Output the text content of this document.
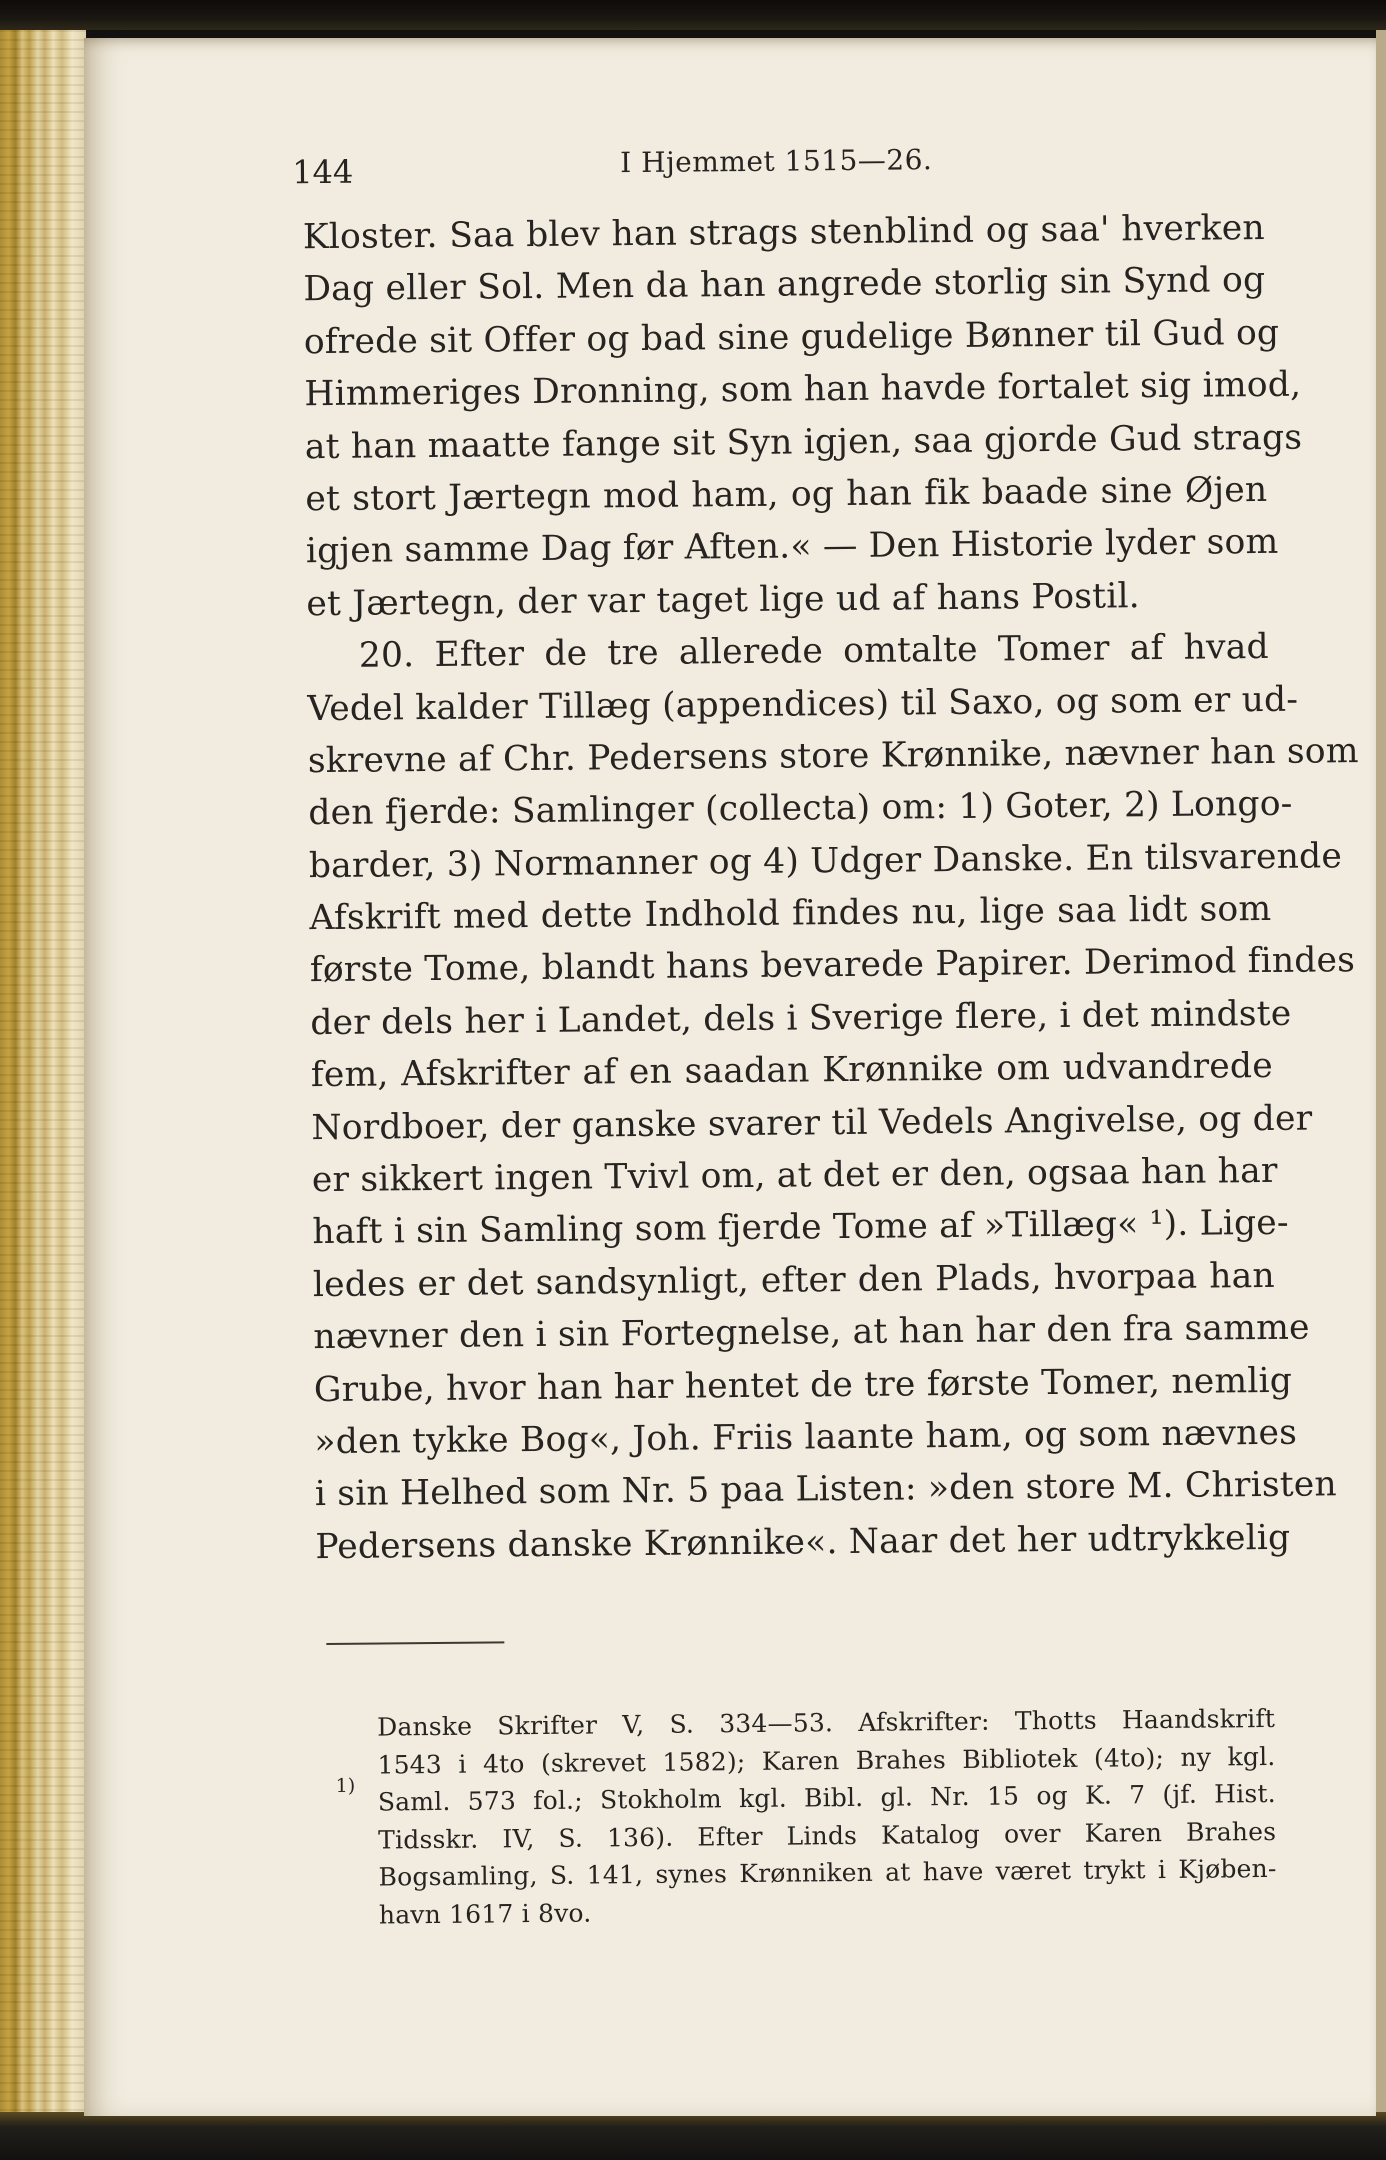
144	I Hjemmet 1515—26.
Kloster. Saa blev han strags stenblind og saa' hverken
Dag eller Sol. Men da han angrede storlig sin Synd og
ofrede sit Offer og bad sine gudelige Bønner til Gud og
Himmeriges Dronning, som han havde fortalet sig imod,
at han maatte fange sit Syn igjen, saa gjorde Gud strags
et stort Jærtegn mod ham, og han fik baade sine Øjen
igjen samme Dag før Aften.« — Den Historie lyder som
et Jærtegn, der var taget lige ud af hans Postil.
20. Efter de tre allerede omtalte Tomer af hvad
Vedel kalder Tillæg (appendices) til Saxo, og som er ud-
skrevne af Chr. Pedersens store Krønnike, nævner han som
den fjerde: Samlinger (collecta) om: 1) Goter, 2) Longo-
barder, 3) Normanner og 4) Udger Danske. En tilsvarende
Afskrift med dette Indhold findes nu, lige saa lidt som
første Tome, blandt hans bevarede Papirer. Derimod findes
der dels her i Landet, dels i Sverige flere, i det mindste
fem, Afskrifter af en saadan Krønnike om udvandrede
Nordboer, der ganske svarer til Vedels Angivelse, og der
er sikkert ingen Tvivl om, at det er den, ogsaa han har
haft i sin Samling som fjerde Tome af »Tillæg« ¹). Lige-
ledes er det sandsynligt, efter den Plads, hvorpaa han
nævner den i sin Fortegnelse, at han har den fra samme
Grube, hvor han har hentet de tre første Tomer, nemlig
»den tykke Bog«, Joh. Friis laante ham, og som nævnes
i sin Helhed som Nr. 5 paa Listen: »den store M. Christen
Pedersens danske Krønnike«. Naar det her udtrykkelig
1)
Danske Skrifter V, S. 334—53. Afskrifter: Thotts Haandskrift
1543 i 4to (skrevet 1582); Karen Brahes Bibliotek (4to); ny kgl.
Saml. 573 fol.; Stokholm kgl. Bibl. gl. Nr. 15 og K. 7 (jf. Hist.
Tidsskr. IV, S. 136). Efter Linds Katalog over Karen Brahes
Bogsamling, S. 141, synes Krønniken at have været trykt i Kjøben-
havn 1617 i 8vo.
